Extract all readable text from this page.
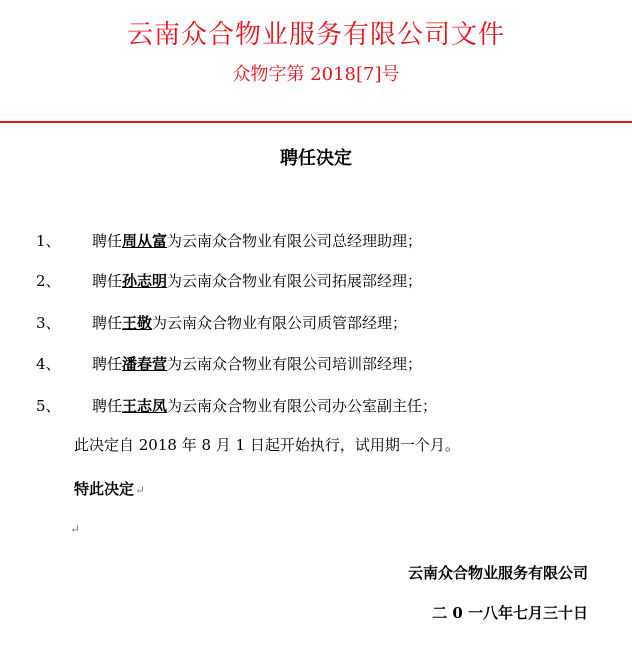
云南众合物业服务有限公司文件
众物字第 2018[7]号
聘任决定
1、 聘任周从富为云南众合物业有限公司总经理助理；
2、 聘任孙志明为云南众合物业有限公司拓展部经理；
3、 聘任王敬为云南众合物业有限公司质管部经理；
4、 聘任潘春营为云南众合物业有限公司培训部经理；
5、 聘任王志凤为云南众合物业有限公司办公室副主任；
此决定自 2018 年 8 月 1 日起开始执行，试用期一个月。
特此决定↵
↵
云南众合物业服务有限公司
二 0 一八年七月三十日
